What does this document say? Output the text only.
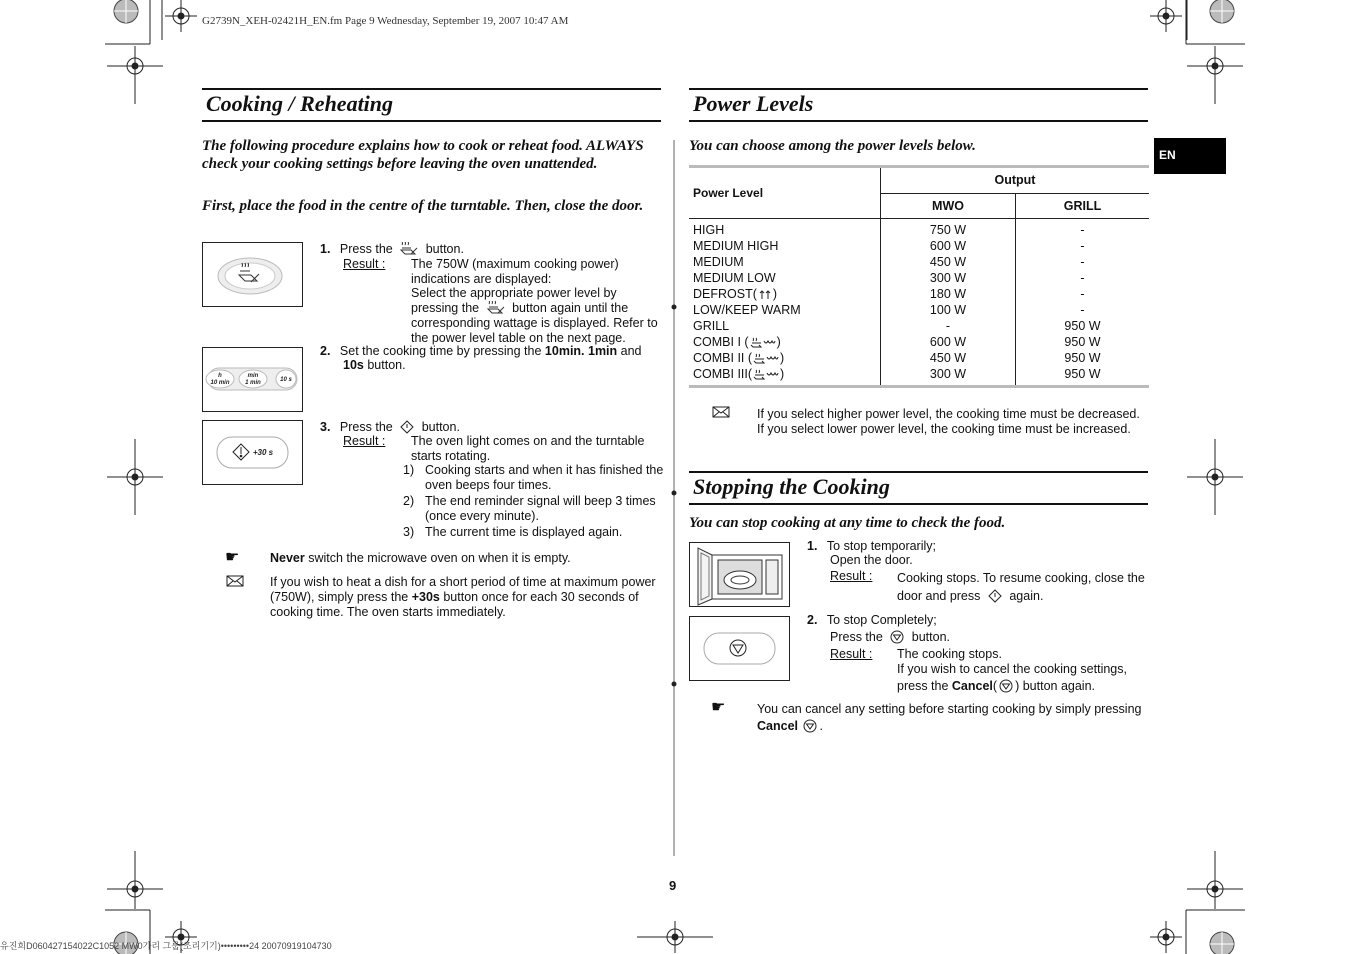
G2739N_XEH-02421H_EN.fm Page 9 Wednesday, September 19, 2007 10:47 AM
유진희D060427154022C1052 MW0가리 그룹(조리기기)•••••••••24 20070919104730
9
EN
Cooking / Reheating
The following procedure explains how to cook or reheat food. ALWAYS check your cooking settings before leaving the oven unattended.
First, place the food in the centre of the turntable. Then, close the door.
1. Press the	button.
Result : The 750W (maximum cooking power) indications are displayed:
Select the appropriate power level by pressing the	button again until the corresponding wattage is displayed. Refer to the power level table on the next page.
h
10 min
min
1 min	10 s
2. Set the cooking time by pressing the 10min. 1min and
10s button.
+30 s
3. Press the button.
Result : The oven light comes on and the turntable starts rotating.
1) Cooking starts and when it has finished the oven beeps four times.
2) The end reminder signal will beep 3 times (once every minute).
3) The current time is displayed again.
☛ Never switch the microwave oven on when it is empty.
If you wish to heat a dish for a short period of time at maximum power (750W), simply press the +30s button once for each 30 seconds of cooking time. The oven starts immediately.
Power Levels
You can choose among the power levels below.
Power Level	Output	
	MWO	GRILL
HIGH	750 W	-
MEDIUM HIGH	600 W	-
MEDIUM	450 W	-
MEDIUM LOW	300 W	-
DEFROST( )	180 W	-
LOW/KEEP WARM	100 W	-
GRILL	-	950 W
COMBI I ( )	600 W	950 W
COMBI II ( )	450 W	950 W
COMBI III( )	300 W	950 W
If you select higher power level, the cooking time must be decreased. If you select lower power level, the cooking time must be increased.
Stopping the Cooking
You can stop cooking at any time to check the food.
1. To stop temporarily;
Open the door.
Result : Cooking stops. To resume cooking, close the door and press again.
2. To stop Completely;
Press the button.
Result : The cooking stops.
If you wish to cancel the cooking settings, press the Cancel( ) button again.
☛	You can cancel any setting before starting cooking by simply pressing Cancel .
